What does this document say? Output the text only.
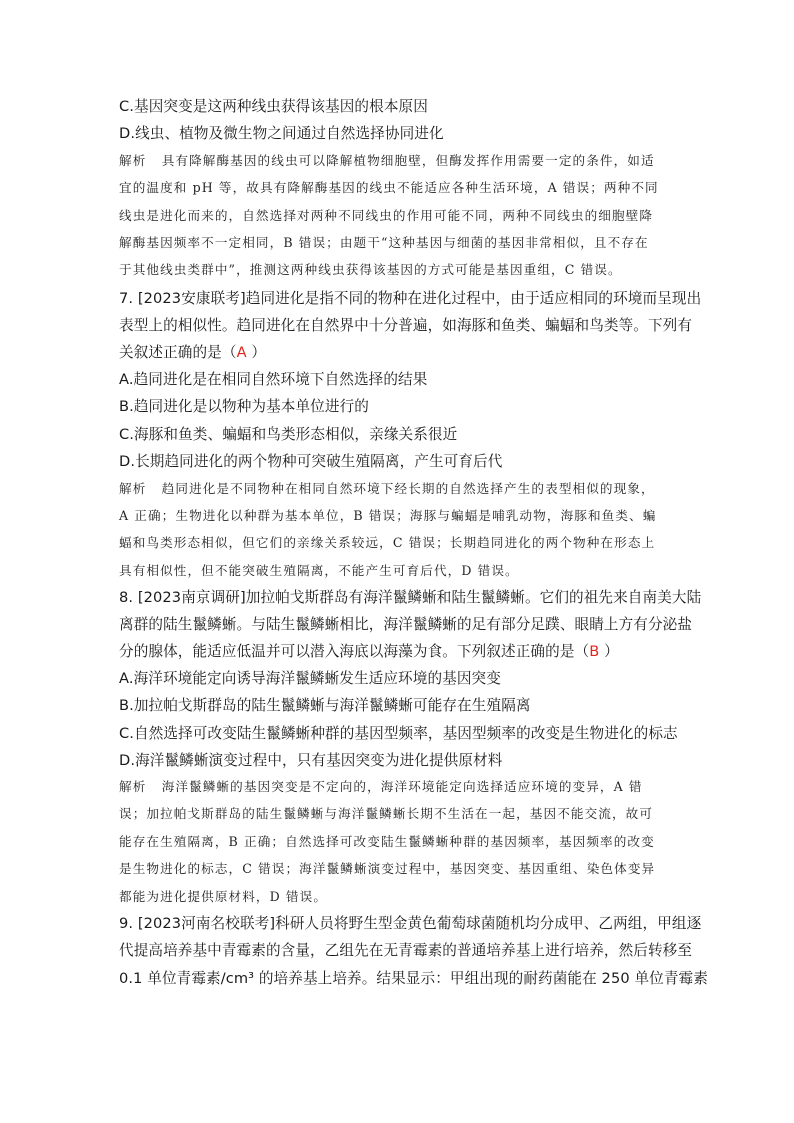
C.基因突变是这两种线虫获得该基因的根本原因
D.线虫、植物及微生物之间通过自然选择协同进化
解析 具有降解酶基因的线虫可以降解植物细胞壁，但酶发挥作用需要一定的条件，如适
宜的温度和 pH 等，故具有降解酶基因的线虫不能适应各种生活环境，A 错误；两种不同
线虫是进化而来的，自然选择对两种不同线虫的作用可能不同，两种不同线虫的细胞壁降
解酶基因频率不一定相同，B 错误；由题干“这种基因与细菌的基因非常相似，且不存在
于其他线虫类群中”，推测这两种线虫获得该基因的方式可能是基因重组，C 错误。
7. [2023安康联考]趋同进化是指不同的物种在进化过程中，由于适应相同的环境而呈现出
表型上的相似性。趋同进化在自然界中十分普遍，如海豚和鱼类、蝙蝠和鸟类等。下列有
关叙述正确的是（A ）
A.趋同进化是在相同自然环境下自然选择的结果
B.趋同进化是以物种为基本单位进行的
C.海豚和鱼类、蝙蝠和鸟类形态相似，亲缘关系很近
D.长期趋同进化的两个物种可突破生殖隔离，产生可育后代
解析 趋同进化是不同物种在相同自然环境下经长期的自然选择产生的表型相似的现象，
A 正确；生物进化以种群为基本单位，B 错误；海豚与蝙蝠是哺乳动物，海豚和鱼类、蝙
蝠和鸟类形态相似，但它们的亲缘关系较远，C 错误；长期趋同进化的两个物种在形态上
具有相似性，但不能突破生殖隔离，不能产生可育后代，D 错误。
8. [2023南京调研]加拉帕戈斯群岛有海洋鬣鳞蜥和陆生鬣鳞蜥。它们的祖先来自南美大陆
离群的陆生鬣鳞蜥。与陆生鬣鳞蜥相比，海洋鬣鳞蜥的足有部分足蹼、眼睛上方有分泌盐
分的腺体，能适应低温并可以潜入海底以海藻为食。下列叙述正确的是（B ）
A.海洋环境能定向诱导海洋鬣鳞蜥发生适应环境的基因突变
B.加拉帕戈斯群岛的陆生鬣鳞蜥与海洋鬣鳞蜥可能存在生殖隔离
C.自然选择可改变陆生鬣鳞蜥种群的基因型频率，基因型频率的改变是生物进化的标志
D.海洋鬣鳞蜥演变过程中，只有基因突变为进化提供原材料
解析 海洋鬣鳞蜥的基因突变是不定向的，海洋环境能定向选择适应环境的变异，A 错
误；加拉帕戈斯群岛的陆生鬣鳞蜥与海洋鬣鳞蜥长期不生活在一起，基因不能交流，故可
能存在生殖隔离，B 正确；自然选择可改变陆生鬣鳞蜥种群的基因频率，基因频率的改变
是生物进化的标志，C 错误；海洋鬣鳞蜥演变过程中，基因突变、基因重组、染色体变异
都能为进化提供原材料，D 错误。
9. [2023河南名校联考]科研人员将野生型金黄色葡萄球菌随机均分成甲、乙两组，甲组逐
代提高培养基中青霉素的含量，乙组先在无青霉素的普通培养基上进行培养，然后转移至
0.1 单位青霉素/cm³ 的培养基上培养。结果显示：甲组出现的耐药菌能在 250 单位青霉素
